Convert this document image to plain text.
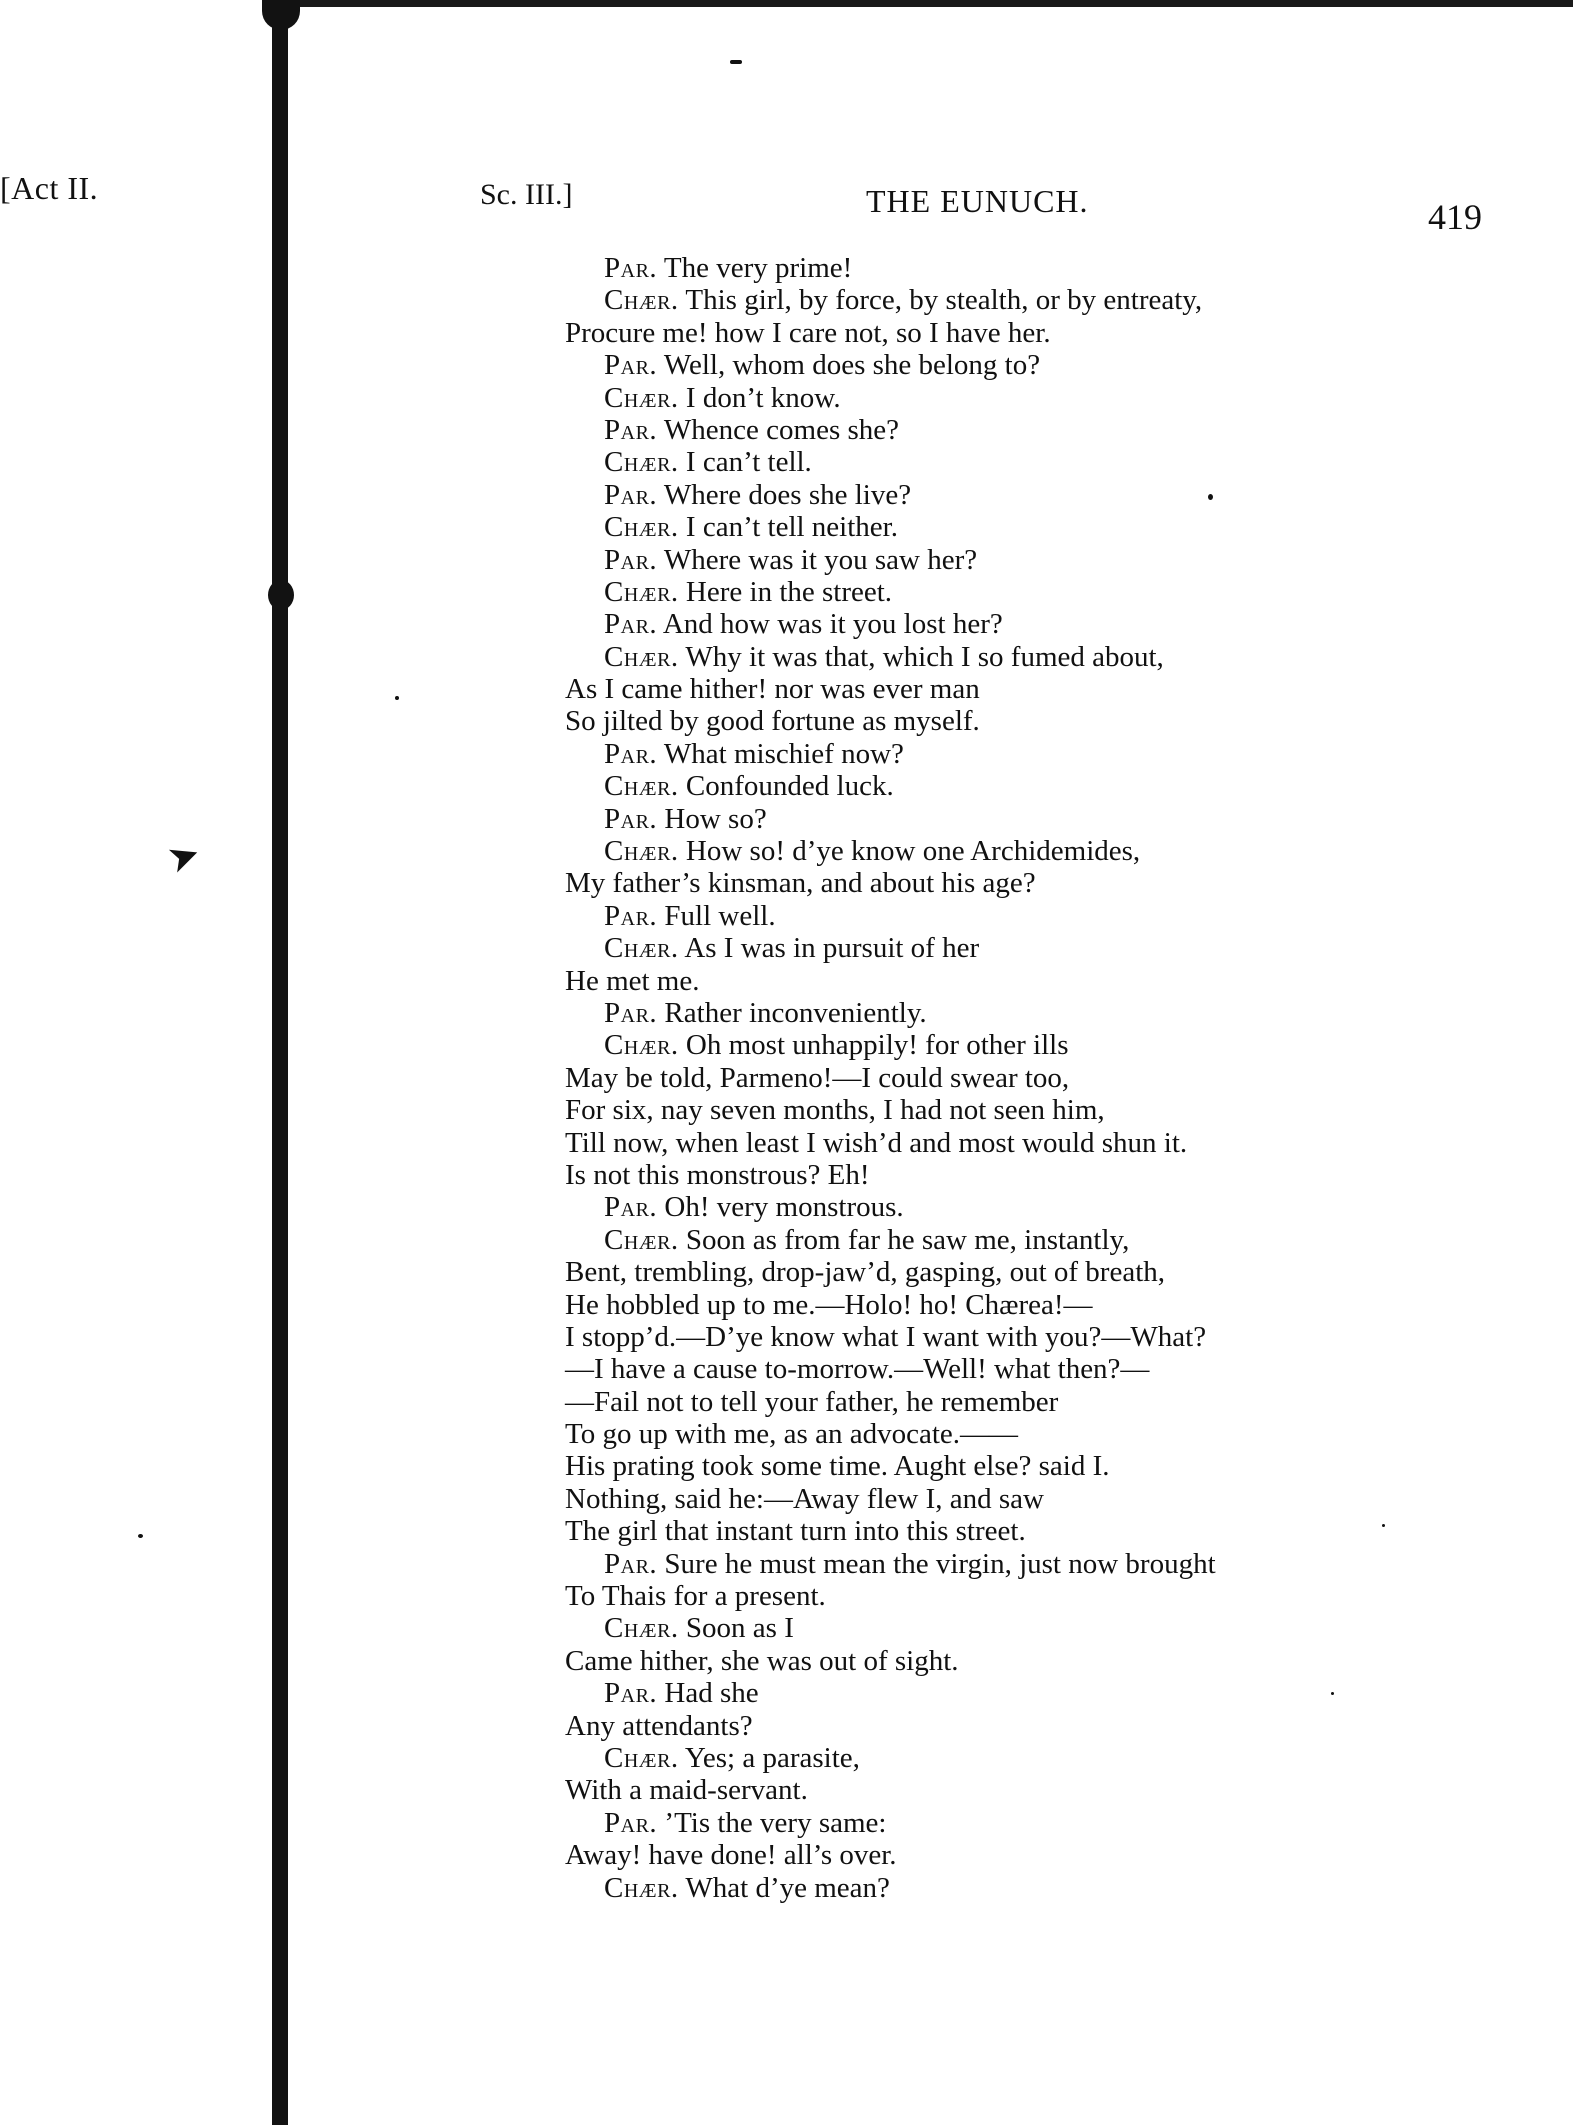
➤
[Act II.	Sc. III.]	THE EUNUCH.	419
Par. The very prime!
Chær. This girl, by force, by stealth, or by entreaty,
Procure me! how I care not, so I have her.
Par. Well, whom does she belong to?
Chær. I don’t know.
Par. Whence comes she?
Chær. I can’t tell.
Par. Where does she live?
Chær. I can’t tell neither.
Par. Where was it you saw her?
Chær. Here in the street.
Par. And how was it you lost her?
Chær. Why it was that, which I so fumed about,
As I came hither! nor was ever man
So jilted by good fortune as myself.
Par. What mischief now?
Chær. Confounded luck.
Par. How so?
Chær. How so! d’ye know one Archidemides,
My father’s kinsman, and about his age?
Par. Full well.
Chær. As I was in pursuit of her
He met me.
Par. Rather inconveniently.
Chær. Oh most unhappily! for other ills
May be told, Parmeno!—I could swear too,
For six, nay seven months, I had not seen him,
Till now, when least I wish’d and most would shun it.
Is not this monstrous? Eh!
Par. Oh! very monstrous.
Chær. Soon as from far he saw me, instantly,
Bent, trembling, drop-jaw’d, gasping, out of breath,
He hobbled up to me.—Holo! ho! Chærea!—
I stopp’d.—D’ye know what I want with you?—What?
—I have a cause to-morrow.—Well! what then?—
—Fail not to tell your father, he remember
To go up with me, as an advocate.——
His prating took some time. Aught else? said I.
Nothing, said he:—Away flew I, and saw
The girl that instant turn into this street.
Par. Sure he must mean the virgin, just now brought
To Thais for a present.
Chær. Soon as I
Came hither, she was out of sight.
Par. Had she
Any attendants?
Chær. Yes; a parasite,
With a maid-servant.
Par. ’Tis the very same:
Away! have done! all’s over.
Chær. What d’ye mean?
